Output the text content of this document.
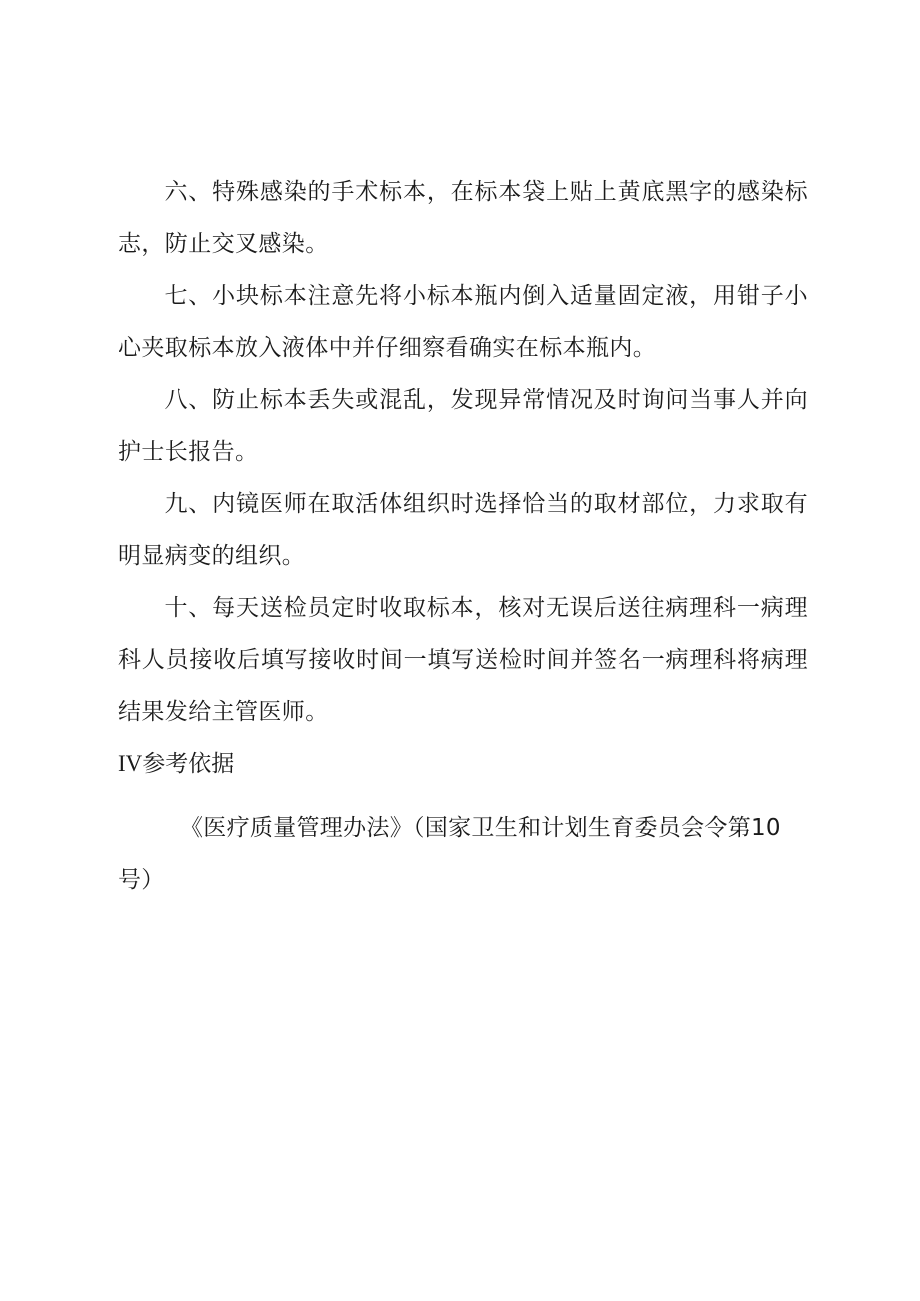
六、特殊感染的手术标本，在标本袋上贴上黄底黑字的感染标志，防止交叉感染。

七、小块标本注意先将小标本瓶内倒入适量固定液，用钳子小心夹取标本放入液体中并仔细察看确实在标本瓶内。

八、防止标本丢失或混乱，发现异常情况及时询问当事人并向护士长报告。

九、内镜医师在取活体组织时选择恰当的取材部位，力求取有明显病变的组织。

十、每天送检员定时收取标本，核对无误后送往病理科一病理科人员接收后填写接收时间一填写送检时间并签名一病理科将病理结果发给主管医师。

IV参考依据

《医疗质量管理办法》（国家卫生和计划生育委员会令第10号）
